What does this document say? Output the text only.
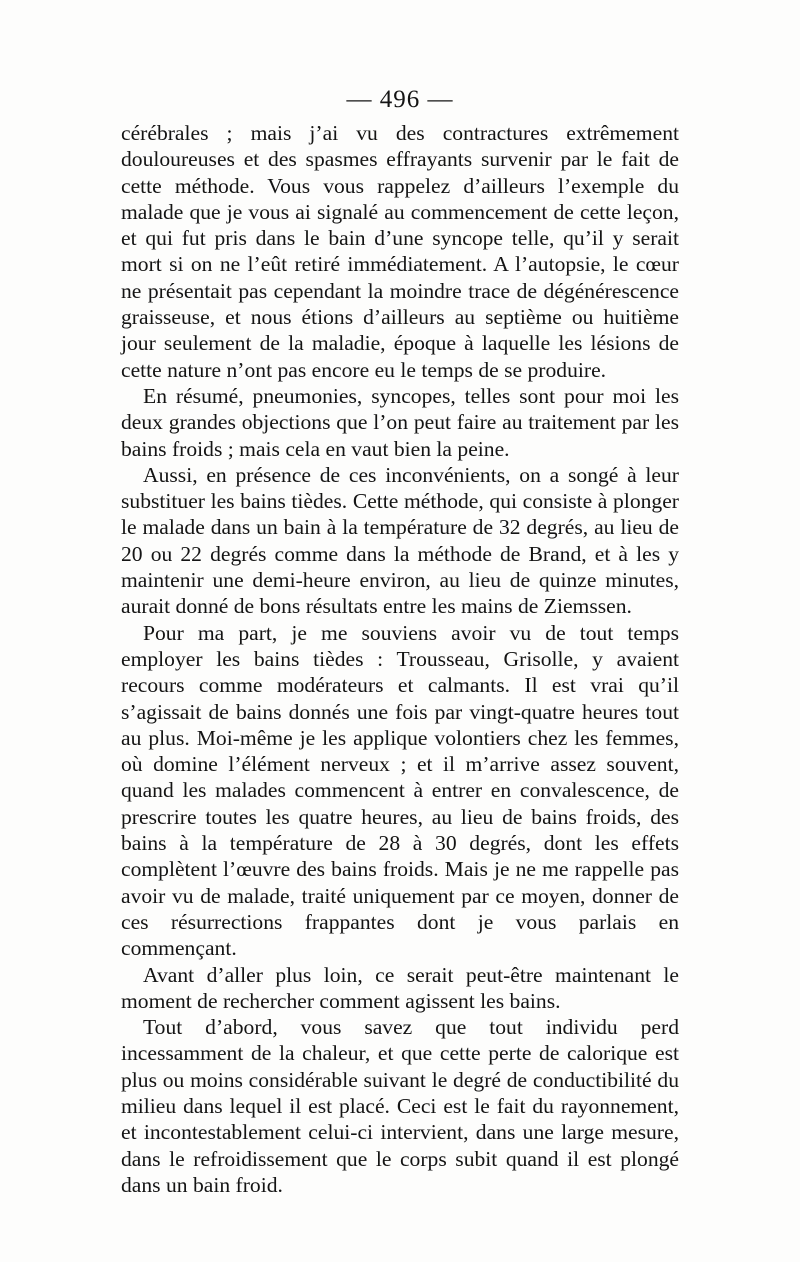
— 496 —

cérébrales ; mais j’ai vu des contractures extrêmement douloureuses et des spasmes effrayants survenir par le fait de cette méthode. Vous vous rappelez d’ailleurs l’exemple du malade que je vous ai signalé au commencement de cette leçon, et qui fut pris dans le bain d’une syncope telle, qu’il y serait mort si on ne l’eût retiré immédiatement. A l’autopsie, le cœur ne présentait pas cependant la moindre trace de dégénérescence graisseuse, et nous étions d’ailleurs au septième ou huitième jour seulement de la maladie, époque à laquelle les lésions de cette nature n’ont pas encore eu le temps de se produire.

En résumé, pneumonies, syncopes, telles sont pour moi les deux grandes objections que l’on peut faire au traitement par les bains froids ; mais cela en vaut bien la peine.

Aussi, en présence de ces inconvénients, on a songé à leur substituer les bains tièdes. Cette méthode, qui consiste à plonger le malade dans un bain à la température de 32 degrés, au lieu de 20 ou 22 degrés comme dans la méthode de Brand, et à les y maintenir une demi-heure environ, au lieu de quinze minutes, aurait donné de bons résultats entre les mains de Ziemssen.

Pour ma part, je me souviens avoir vu de tout temps employer les bains tièdes : Trousseau, Grisolle, y avaient recours comme modérateurs et calmants. Il est vrai qu’il s’agissait de bains donnés une fois par vingt-quatre heures tout au plus. Moi-même je les applique volontiers chez les femmes, où domine l’élément nerveux ; et il m’arrive assez souvent, quand les malades commencent à entrer en convalescence, de prescrire toutes les quatre heures, au lieu de bains froids, des bains à la température de 28 à 30 degrés, dont les effets complètent l’œuvre des bains froids. Mais je ne me rappelle pas avoir vu de malade, traité uniquement par ce moyen, donner de ces résurrections frappantes dont je vous parlais en commençant.

Avant d’aller plus loin, ce serait peut-être maintenant le moment de rechercher comment agissent les bains.

Tout d’abord, vous savez que tout individu perd incessamment de la chaleur, et que cette perte de calorique est plus ou moins considérable suivant le degré de conductibilité du milieu dans lequel il est placé. Ceci est le fait du rayonnement, et incontestablement celui-ci intervient, dans une large mesure, dans le refroidissement que le corps subit quand il est plongé dans un bain froid.
